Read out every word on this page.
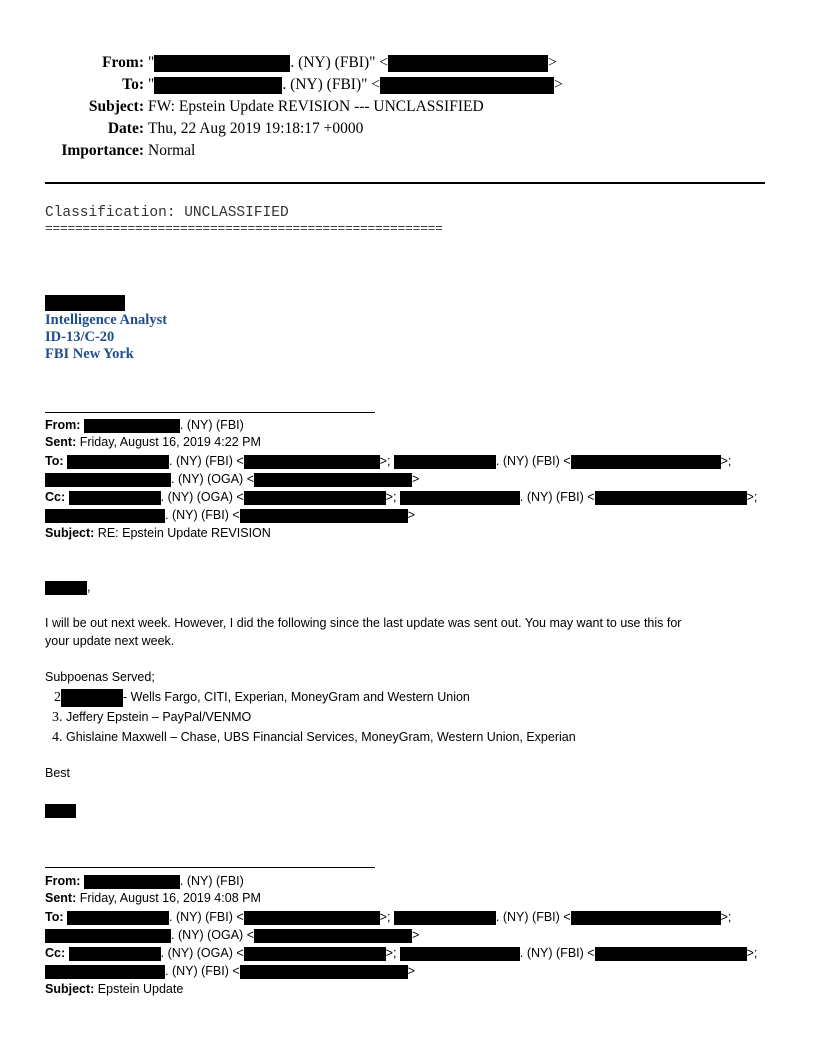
From: "	. (NY) (FBI)" <	>
To: "	. (NY) (FBI)" <	>
Subject: FW: Epstein Update REVISION --- UNCLASSIFIED
Date: Thu, 22 Aug 2019 19:18:17 +0000
Importance: Normal
Classification: UNCLASSIFIED
=====================================================
Intelligence Analyst
ID-13/C-20
FBI New York
From:	. (NY) (FBI)
Sent: Friday, August 16, 2019 4:22 PM
To:	. (NY) (FBI) <	>;	. (NY) (FBI) <	>;
. (NY) (OGA) <	>
Cc:	. (NY) (OGA) <	>;	. (NY) (FBI) <	>;
. (NY) (FBI) <	>
Subject: RE: Epstein Update REVISION
,
I will be out next week. However, I did the following since the last update was sent out. You may want to use this for
your update next week.
Subpoenas Served;
2	- Wells Fargo, CITI, Experian, MoneyGram and Western Union
3. Jeffery Epstein – PayPal/VENMO
4. Ghislaine Maxwell – Chase, UBS Financial Services, MoneyGram, Western Union, Experian
Best
From:	. (NY) (FBI)
Sent: Friday, August 16, 2019 4:08 PM
To:	. (NY) (FBI) <	>;	. (NY) (FBI) <	>;
. (NY) (OGA) <	>
Cc:	. (NY) (OGA) <	>;	. (NY) (FBI) <	>;
. (NY) (FBI) <	>
Subject: Epstein Update
